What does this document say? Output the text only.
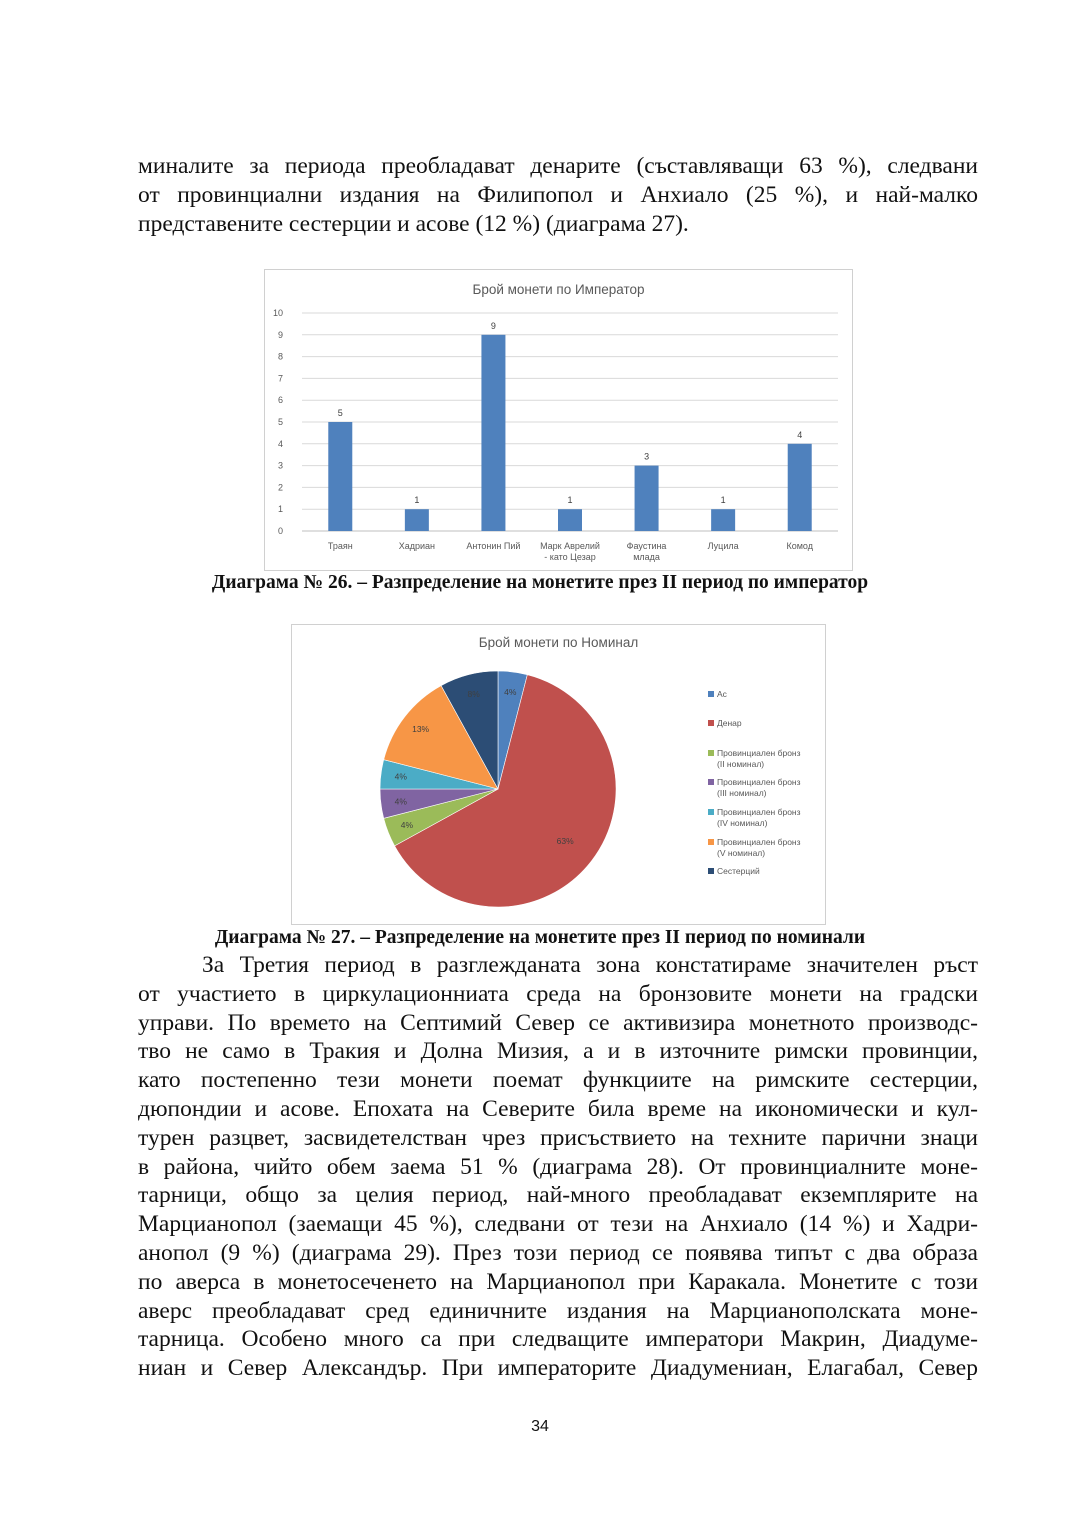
миналите за периода преобладават денарите (съставляващи 63 %), следвани
от провинциални издания на Филипопол и Анхиало (25 %), и най-малко
представените сестерции и асове (12 %) (диаграма 27).
Брой монети по Император
0
1
2
3
4
5
6
7
8
9
10
5
Траян
1
Хадриан
9
Антонин Пий
1
Марк Аврелий
- като Цезар
3
Фаустина
млада
1
Луцила
4
Комод
Диаграма № 26. – Разпределение на монетите през II период по император
Брой монети по Номинал
4%
63%
4%
4%
4%
13%
8%	Ас
Денар
Провинциален бронз
(II номинал)
Провинциален бронз
(III номинал)
Провинциален бронз
(IV номинал)
Провинциален бронз
(V номинал)
Сестерций
Диаграма № 27. – Разпределение на монетите през II период по номинали
За Третия период в разглежданата зона констатираме значителен ръст
от участието в циркулационниата среда на бронзовите монети на градски
управи. По времето на Септимий Север се активизира монетното производс-
тво не само в Тракия и Долна Мизия, а и в източните римски провинции,
като постепенно тези монети поемат функциите на римските сестерции,
дюпондии и асове. Епохата на Северите била време на икономически и кул-
турен разцвет, засвидетелстван чрез присъствието на техните парични знаци
в района, чийто обем заема 51 % (диаграма 28). От провинциалните моне-
тарници, общо за целия период, най-много преобладават екземплярите на
Марцианопол (заемащи 45 %), следвани от тези на Анхиало (14 %) и Хадри-
анопол (9 %) (диаграма 29). През този период се появява типът с два образа
по аверса в монетосеченето на Марцианопол при Каракала. Монетите с този
аверс преобладават сред единичните издания на Марцианополската моне-
тарница. Особено много са при следващите императори Макрин, Диадуме-
ниан и Север Александър. При императорите Диадумениан, Елагабал, Север
34
